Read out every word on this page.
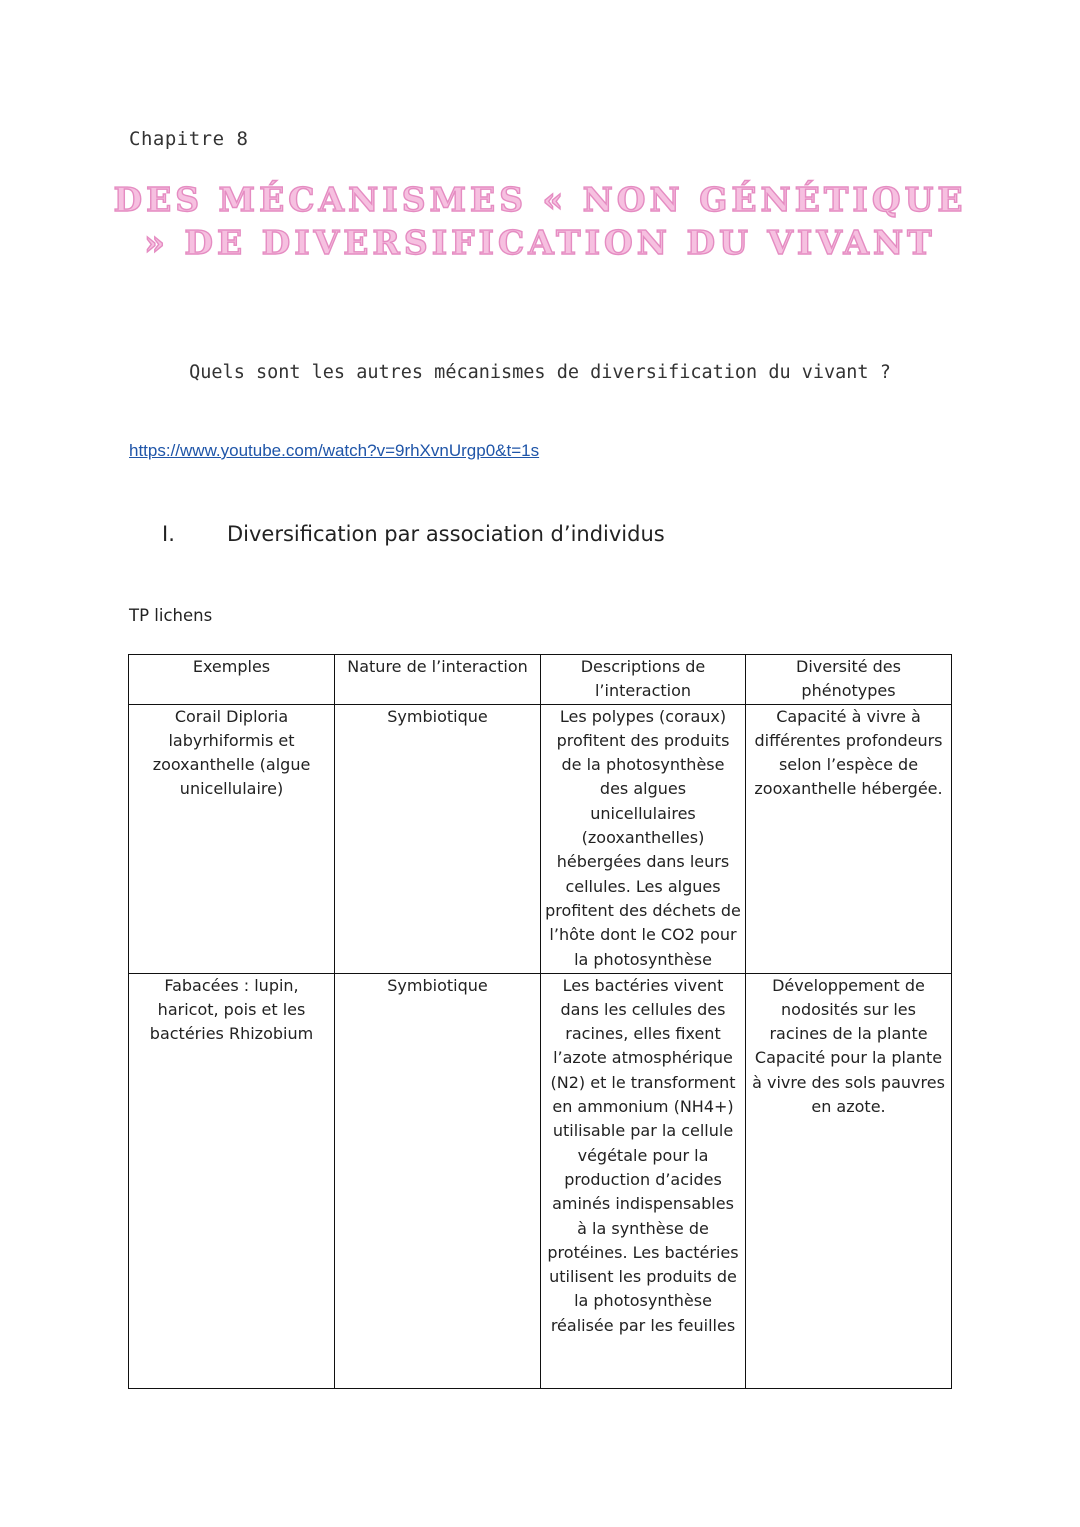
Chapitre 8
DES MÉCANISMES « NON GÉNÉTIQUE » DE DIVERSIFICATION DU VIVANT
Quels sont les autres mécanismes de diversification du vivant ?
https://www.youtube.com/watch?v=9rhXvnUrgp0&t=1s
I. Diversification par association d’individus
TP lichens
Exemples	Nature de l’interaction	Descriptions de l’interaction	Diversité des phénotypes
Corail Diploria labyrhiformis et zooxanthelle (algue unicellulaire)	Symbiotique	Les polypes (coraux) profitent des produits de la photosynthèse des algues unicellulaires (zooxanthelles) hébergées dans leurs cellules. Les algues profitent des déchets de l’hôte dont le CO2 pour la photosynthèse	Capacité à vivre à différentes profondeurs selon l’espèce de zooxanthelle hébergée.
Fabacées : lupin, haricot, pois et les bactéries Rhizobium	Symbiotique	Les bactéries vivent dans les cellules des racines, elles fixent l’azote atmosphérique (N2) et le transforment en ammonium (NH4+) utilisable par la cellule végétale pour la production d’acides aminés indispensables à la synthèse de protéines. Les bactéries utilisent les produits de la photosynthèse réalisée par les feuilles	Développement de nodosités sur les racines de la plante Capacité pour la plante à vivre des sols pauvres en azote.
